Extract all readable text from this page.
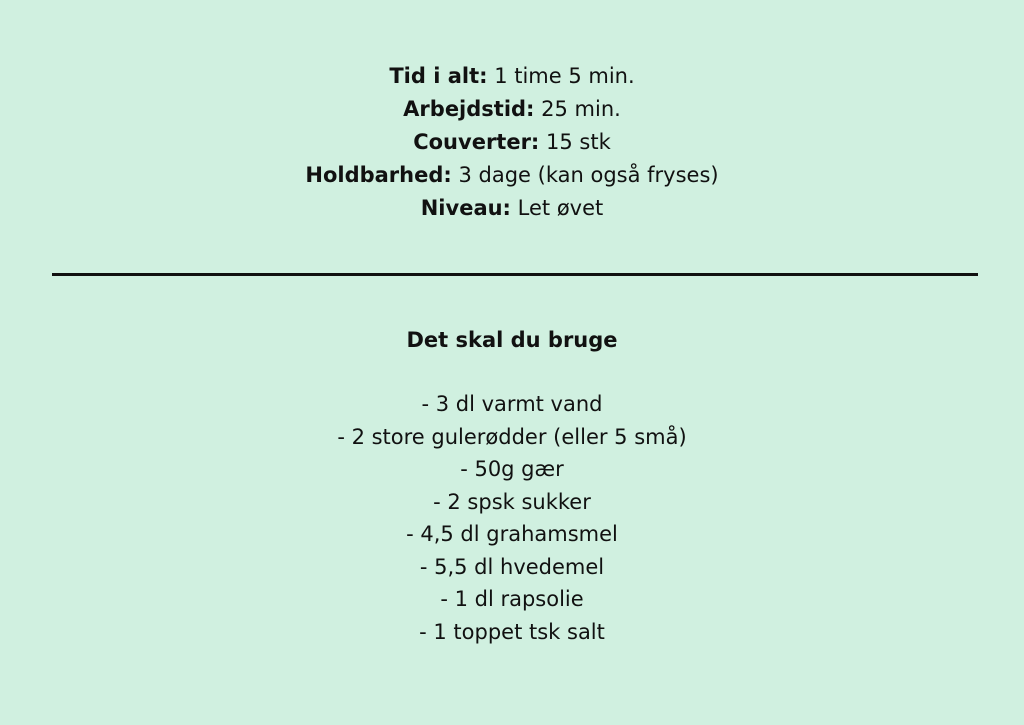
Tid i alt: 1 time 5 min.
Arbejdstid: 25 min.
Couverter: 15 stk
Holdbarhed: 3 dage (kan også fryses)
Niveau: Let øvet
Det skal du bruge
- 3 dl varmt vand
- 2 store gulerødder (eller 5 små)
- 50g gær
- 2 spsk sukker
- 4,5 dl grahamsmel
- 5,5 dl hvedemel
- 1 dl rapsolie
- 1 toppet tsk salt
